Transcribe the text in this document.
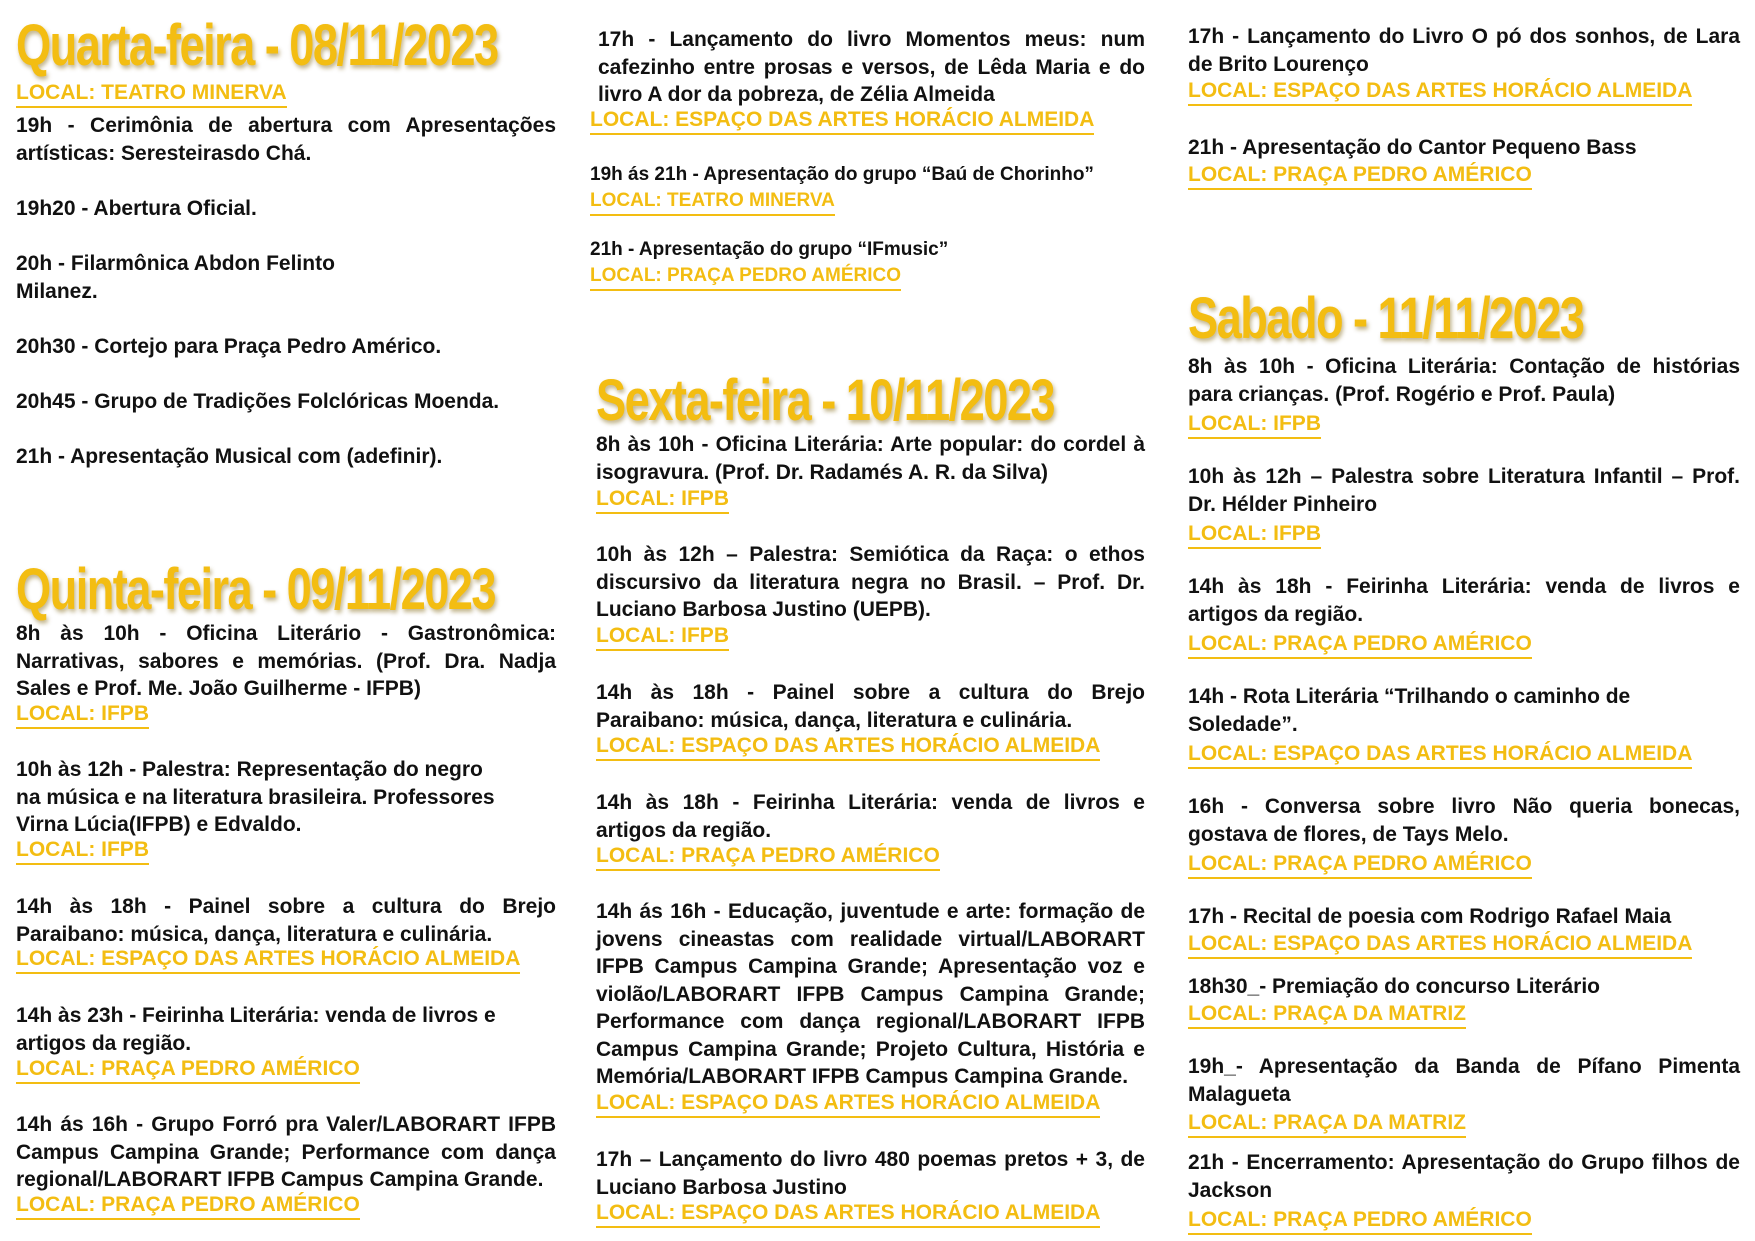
Quarta-feira - 08/11/2023
LOCAL: TEATRO MINERVA

19h - Cerimônia de abertura com Apresentações artísticas: Seresteirasdo Chá.

19h20 - Abertura Oficial.

20h - Filarmônica Abdon Felinto

Milanez.

20h30 - Cortejo para Praça Pedro Américo.

20h45 - Grupo de Tradições Folclóricas Moenda.

21h - Apresentação Musical com (adefinir).

Quinta-feira - 09/11/2023

8h às 10h - Oficina Literário - Gastronômica: Narrativas, sabores e memórias. (Prof. Dra. Nadja Sales e Prof. Me. João Guilherme - IFPB)

LOCAL: IFPB

10h às 12h - Palestra: Representação do negro

na música e na literatura brasileira. Professores

Virna Lúcia(IFPB) e Edvaldo.

LOCAL: IFPB

14h às 18h - Painel sobre a cultura do Brejo Paraibano: música, dança, literatura e culinária.

LOCAL: ESPAÇO DAS ARTES HORÁCIO ALMEIDA

14h às 23h - Feirinha Literária: venda de livros e

artigos da região.

LOCAL: PRAÇA PEDRO AMÉRICO

14h ás 16h - Grupo Forró pra Valer/LABORART IFPB Campus Campina Grande; Performance com dança regional/LABORART IFPB Campus Campina Grande.

LOCAL: PRAÇA PEDRO AMÉRICO

17h - Lançamento do livro Momentos meus: num cafezinho entre prosas e versos, de Lêda Maria e do livro A dor da pobreza, de Zélia Almeida

LOCAL: ESPAÇO DAS ARTES HORÁCIO ALMEIDA

19h ás 21h - Apresentação do grupo “Baú de Chorinho”

LOCAL: TEATRO MINERVA

21h - Apresentação do grupo “IFmusic”

LOCAL: PRAÇA PEDRO AMÉRICO
Sexta-feira - 10/11/2023

8h às 10h - Oficina Literária: Arte popular: do cordel à isogravura. (Prof. Dr. Radamés A. R. da Silva)

LOCAL: IFPB

10h às 12h – Palestra: Semiótica da Raça: o ethos discursivo da literatura negra no Brasil. – Prof. Dr. Luciano Barbosa Justino (UEPB).

LOCAL: IFPB

14h às 18h - Painel sobre a cultura do Brejo Paraibano: música, dança, literatura e culinária.

LOCAL: ESPAÇO DAS ARTES HORÁCIO ALMEIDA

14h às 18h - Feirinha Literária: venda de livros e artigos da região.

LOCAL: PRAÇA PEDRO AMÉRICO

14h ás 16h - Educação, juventude e arte: formação de jovens cineastas com realidade virtual/LABORART IFPB Campus Campina Grande; Apresentação voz e violão/LABORART IFPB Campus Campina Grande; Performance com dança regional/LABORART IFPB Campus Campina Grande; Projeto Cultura, História e Memória/LABORART IFPB Campus Campina Grande.

LOCAL: ESPAÇO DAS ARTES HORÁCIO ALMEIDA

17h – Lançamento do livro 480 poemas pretos + 3, de Luciano Barbosa Justino

LOCAL: ESPAÇO DAS ARTES HORÁCIO ALMEIDA

17h - Lançamento do Livro O pó dos sonhos, de Lara de Brito Lourenço

LOCAL: ESPAÇO DAS ARTES HORÁCIO ALMEIDA

21h - Apresentação do Cantor Pequeno Bass

LOCAL: PRAÇA PEDRO AMÉRICO
Sabado - 11/11/2023

8h às 10h - Oficina Literária: Contação de histórias para crianças. (Prof. Rogério e Prof. Paula)

LOCAL: IFPB

10h às 12h – Palestra sobre Literatura Infantil – Prof. Dr. Hélder Pinheiro

LOCAL: IFPB

14h às 18h - Feirinha Literária: venda de livros e artigos da região.

LOCAL: PRAÇA PEDRO AMÉRICO

14h - Rota Literária “Trilhando o caminho de

Soledade”.

LOCAL: ESPAÇO DAS ARTES HORÁCIO ALMEIDA

16h - Conversa sobre livro Não queria bonecas, gostava de flores, de Tays Melo.

LOCAL: PRAÇA PEDRO AMÉRICO

17h - Recital de poesia com Rodrigo Rafael Maia

LOCAL: ESPAÇO DAS ARTES HORÁCIO ALMEIDA

18h30_- Premiação do concurso Literário

LOCAL: PRAÇA DA MATRIZ

19h_- Apresentação da Banda de Pífano Pimenta Malagueta

LOCAL: PRAÇA DA MATRIZ

21h - Encerramento: Apresentação do Grupo filhos de Jackson

LOCAL: PRAÇA PEDRO AMÉRICO
